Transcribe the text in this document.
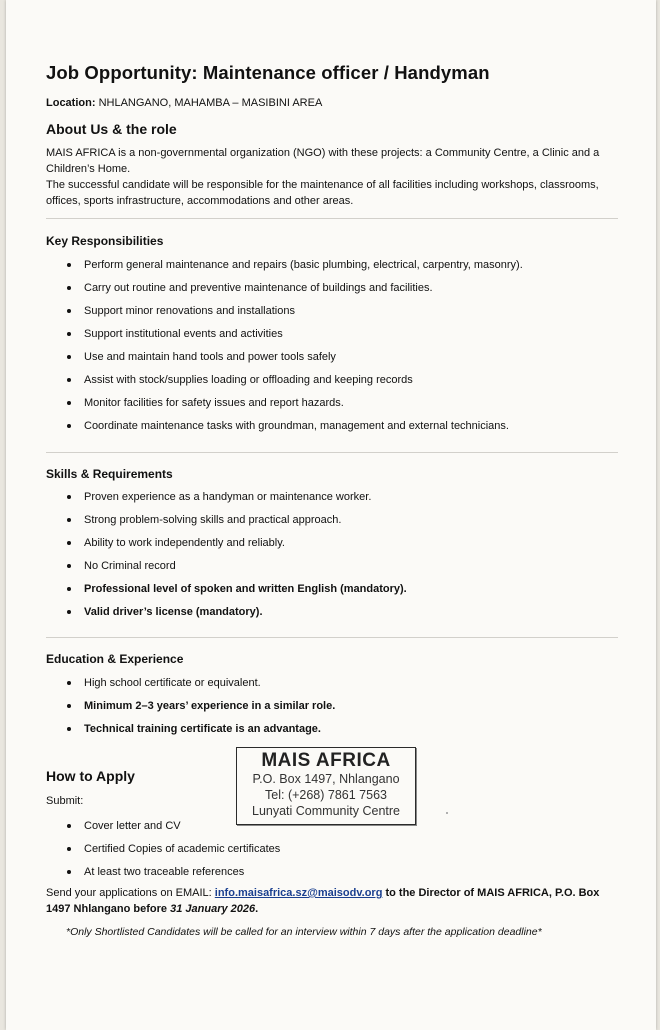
Job Opportunity: Maintenance officer / Handyman
Location: NHLANGANO, MAHAMBA – MASIBINI AREA
About Us & the role
MAIS AFRICA is a non-governmental organization (NGO) with these projects: a Community Centre, a Clinic and a Children’s Home.
The successful candidate will be responsible for the maintenance of all facilities including workshops, classrooms, offices, sports infrastructure, accommodations and other areas.
Key Responsibilities
Perform general maintenance and repairs (basic plumbing, electrical, carpentry, masonry).
Carry out routine and preventive maintenance of buildings and facilities.
Support minor renovations and installations
Support institutional events and activities
Use and maintain hand tools and power tools safely
Assist with stock/supplies loading or offloading and keeping records
Monitor facilities for safety issues and report hazards.
Coordinate maintenance tasks with groundman, management and external technicians.
Skills & Requirements
Proven experience as a handyman or maintenance worker.
Strong problem-solving skills and practical approach.
Ability to work independently and reliably.
No Criminal record
Professional level of spoken and written English (mandatory).
Valid driver’s license (mandatory).
Education & Experience
High school certificate or equivalent.
Minimum 2–3 years’ experience in a similar role.
Technical training certificate is an advantage.
MAIS AFRICA
P.O. Box 1497, Nhlangano
Tel: (+268) 7861 7563
Lunyati Community Centre
How to Apply
Submit:
Cover letter and CV
Certified Copies of academic certificates
At least two traceable references
Send your applications on EMAIL: info.maisafrica.sz@maisodv.org to the Director of MAIS AFRICA, P.O. Box 1497 Nhlangano before 31 January 2026.
*Only Shortlisted Candidates will be called for an interview within 7 days after the application deadline*
